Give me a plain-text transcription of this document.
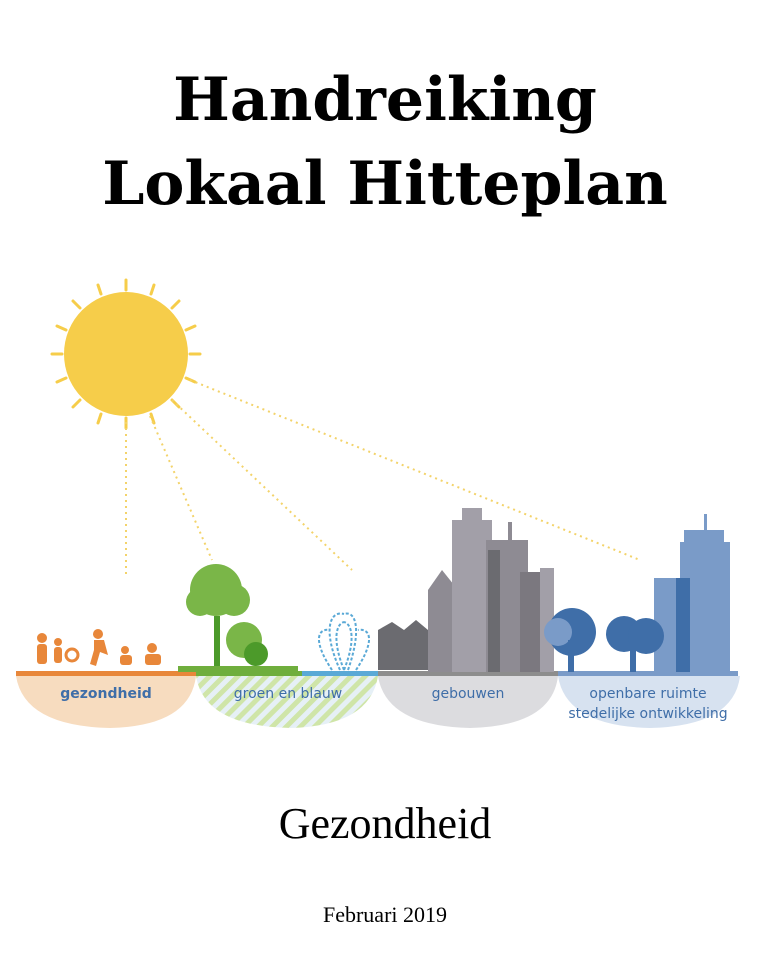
Handreiking
Lokaal Hitteplan
gezondheid	groen en blauw	gebouwen	openbare ruimte
stedelijke ontwikkeling
Gezondheid
Februari 2019
